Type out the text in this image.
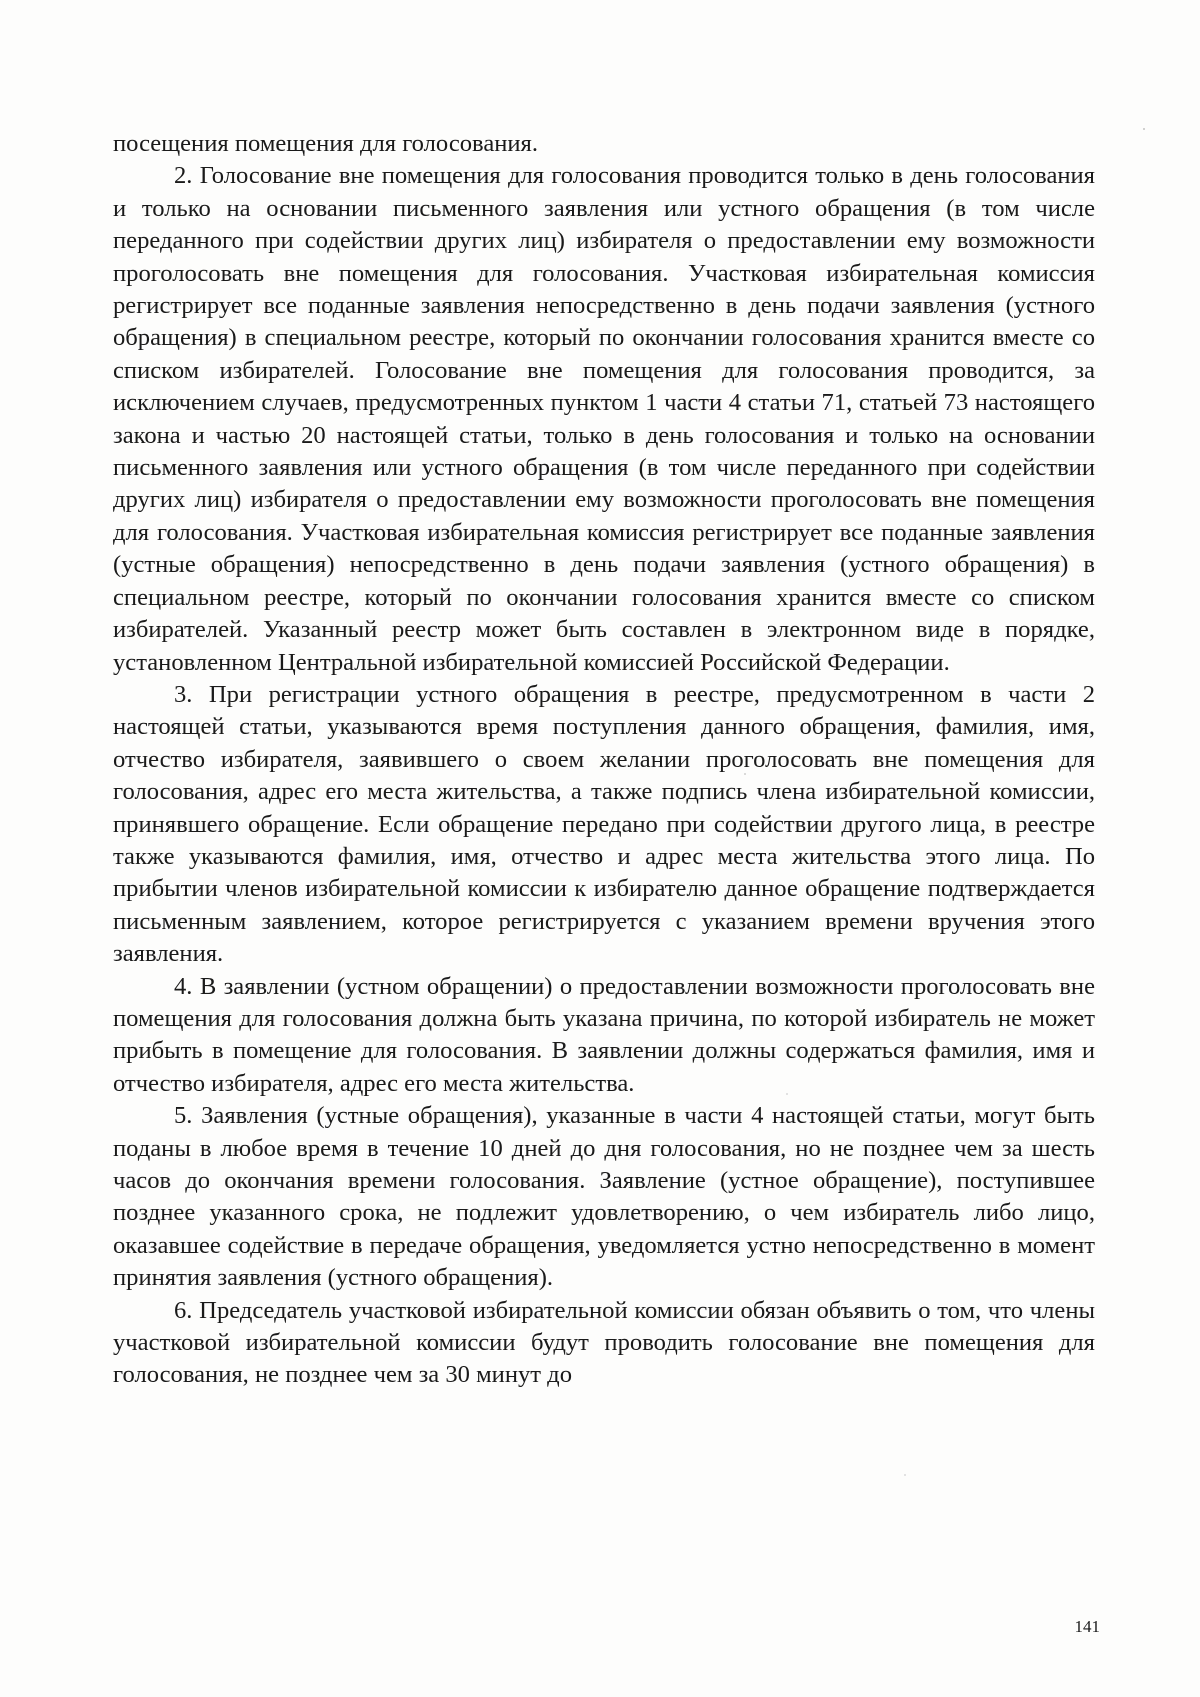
посещения помещения для голосования.

2. Голосование вне помещения для голосования проводится только в день голосования и только на основании письменного заявления или устного обращения (в том числе переданного при содействии других лиц) избирателя о предоставлении ему возможности проголосовать вне помещения для голосования. Участковая избирательная комиссия регистрирует все поданные заявления непосредственно в день подачи заявления (устного обращения) в специальном реестре, который по окончании голосования хранится вместе со списком избирателей. Голосование вне помещения для голосования проводится, за исключением случаев, предусмотренных пунктом 1 части 4 статьи 71, статьей 73 настоящего закона и частью 20 настоящей статьи, только в день голосования и только на основании письменного заявления или устного обращения (в том числе переданного при содействии других лиц) избирателя о предоставлении ему возможности проголосовать вне помещения для голосования. Участковая избирательная комиссия регистрирует все поданные заявления (устные обращения) непосредственно в день подачи заявления (устного обращения) в специальном реестре, который по окончании голосования хранится вместе со списком избирателей. Указанный реестр может быть составлен в электронном виде в порядке, установленном Центральной избирательной комиссией Российской Федерации.

3. При регистрации устного обращения в реестре, предусмотренном в части 2 настоящей статьи, указываются время поступления данного обращения, фамилия, имя, отчество избирателя, заявившего о своем желании проголосовать вне помещения для голосования, адрес его места жительства, а также подпись члена избирательной комиссии, принявшего обращение. Если обращение передано при содействии другого лица, в реестре также указываются фамилия, имя, отчество и адрес места жительства этого лица. По прибытии членов избирательной комиссии к избирателю данное обращение подтверждается письменным заявлением, которое регистрируется с указанием времени вручения этого заявления.

4. В заявлении (устном обращении) о предоставлении возможности проголосовать вне помещения для голосования должна быть указана причина, по которой избиратель не может прибыть в помещение для голосования. В заявлении должны содержаться фамилия, имя и отчество избирателя, адрес его места жительства.

5. Заявления (устные обращения), указанные в части 4 настоящей статьи, могут быть поданы в любое время в течение 10 дней до дня голосования, но не позднее чем за шесть часов до окончания времени голосования. Заявление (устное обращение), поступившее позднее указанного срока, не подлежит удовлетворению, о чем избиратель либо лицо, оказавшее содействие в передаче обращения, уведомляется устно непосредственно в момент принятия заявления (устного обращения).

6. Председатель участковой избирательной комиссии обязан объявить о том, что члены участковой избирательной комиссии будут проводить голосование вне помещения для голосования, не позднее чем за 30 минут до

141
